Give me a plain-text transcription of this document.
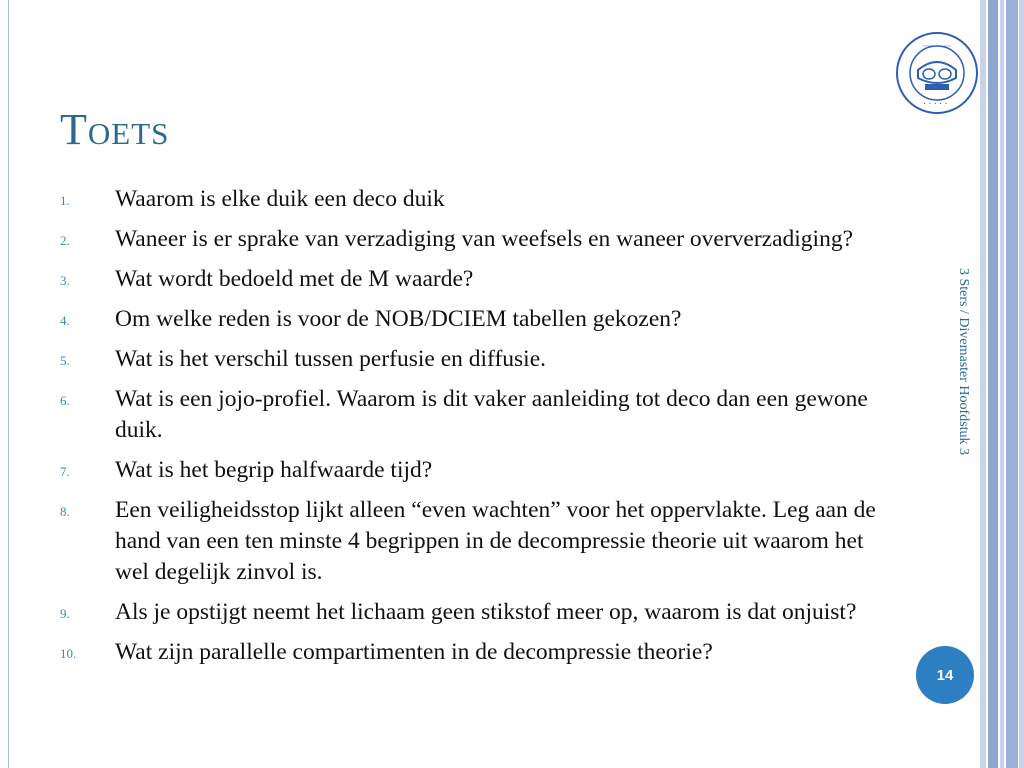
~~~~~~~~
·····
Toets
1.	Waarom is elke duik een deco duik
2.	Waneer is er sprake van verzadiging van weefsels en waneer oververzadiging?
3.	Wat wordt bedoeld met de M waarde?
4.	Om welke reden is voor de NOB/DCIEM tabellen gekozen?
5.	Wat is het verschil tussen perfusie en diffusie.
6.	Wat is een jojo-profiel. Waarom is dit vaker aanleiding tot deco dan een gewone duik.
7.	Wat is het begrip halfwaarde tijd?
8.	Een veiligheidsstop lijkt alleen “even wachten” voor het oppervlakte. Leg aan de hand van een ten minste 4 begrippen in de decompressie theorie uit waarom het wel degelijk zinvol is.
9.	Als je opstijgt neemt het lichaam geen stikstof meer op, waarom is dat onjuist?
10.	Wat zijn parallelle compartimenten in de decompressie theorie?
3 Sters / Divemaster Hoofdstuk 3
14
